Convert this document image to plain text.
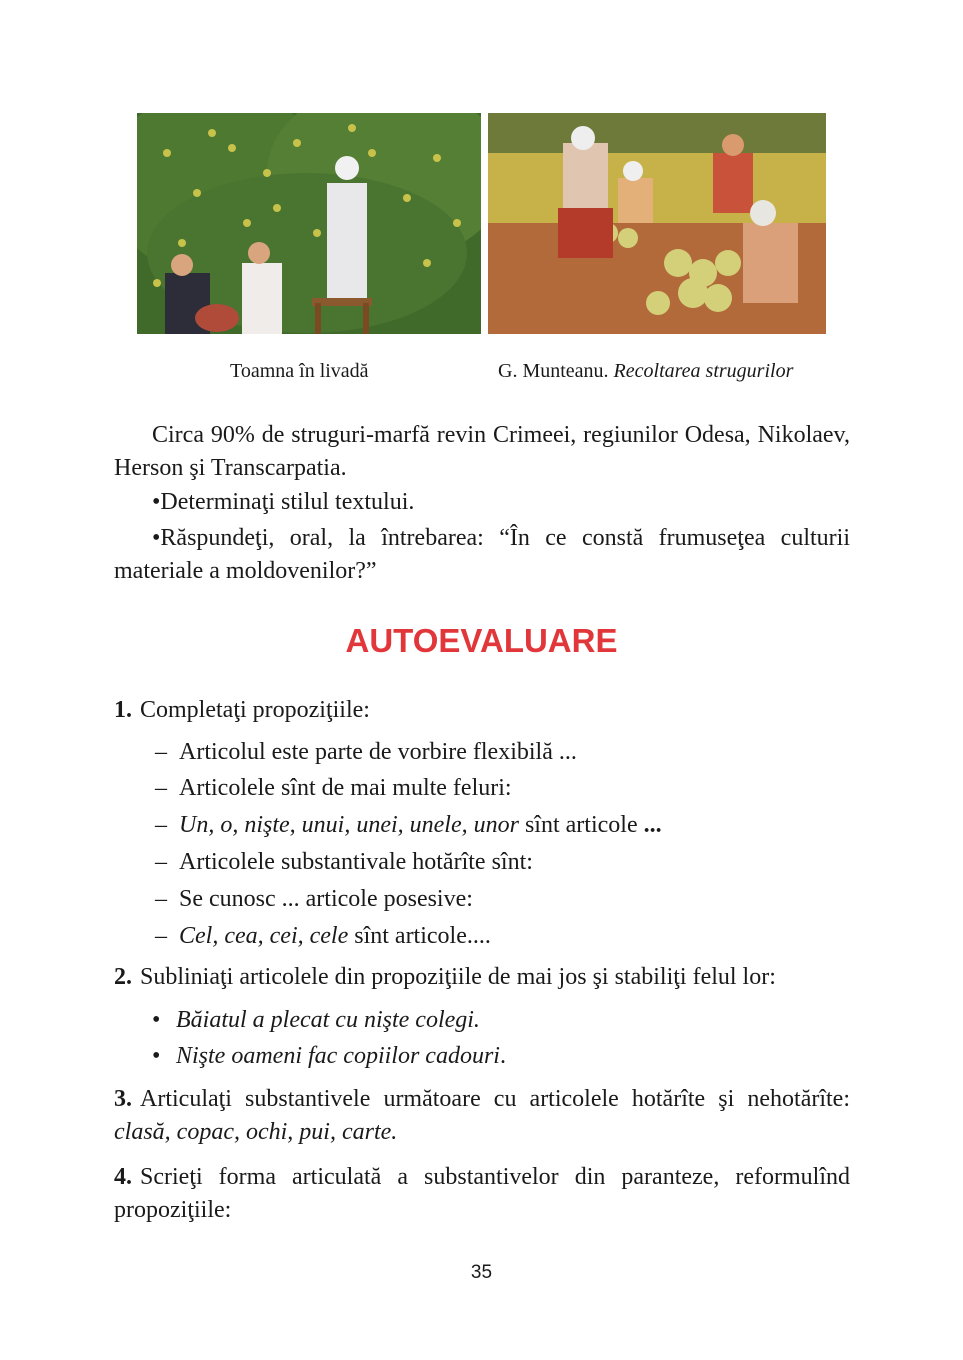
Toamna în livadă	G. Munteanu. Recoltarea strugurilor
Circa 90% de struguri-marfă revin Crimeei, regiunilor Odesa, Nikolaev, Herson şi Transcarpatia.
•Determinaţi stilul textului.
•Răspundeţi, oral, la întrebarea: “În ce constă frumuseţea culturii materiale a moldovenilor?”
AUTOEVALUARE
1. Completaţi propoziţiile:
– Articolul este parte de vorbire flexibilă ...
– Articolele sînt de mai multe feluri:
– Un, o, nişte, unui, unei, unele, unor sînt articole ...
– Articolele substantivale hotărîte sînt:
– Se cunosc ... articole posesive:
– Cel, cea, cei, cele sînt articole....
2. Subliniaţi articolele din propoziţiile de mai jos şi stabiliţi felul lor:
• Băiatul a plecat cu nişte colegi.
• Nişte oameni fac copiilor cadouri.
3. Articulaţi substantivele următoare cu articolele hotărîte şi nehotărîte: clasă, copac, ochi, pui, carte.
4. Scrieţi forma articulată a substantivelor din paranteze, reformulînd propoziţiile:
35
